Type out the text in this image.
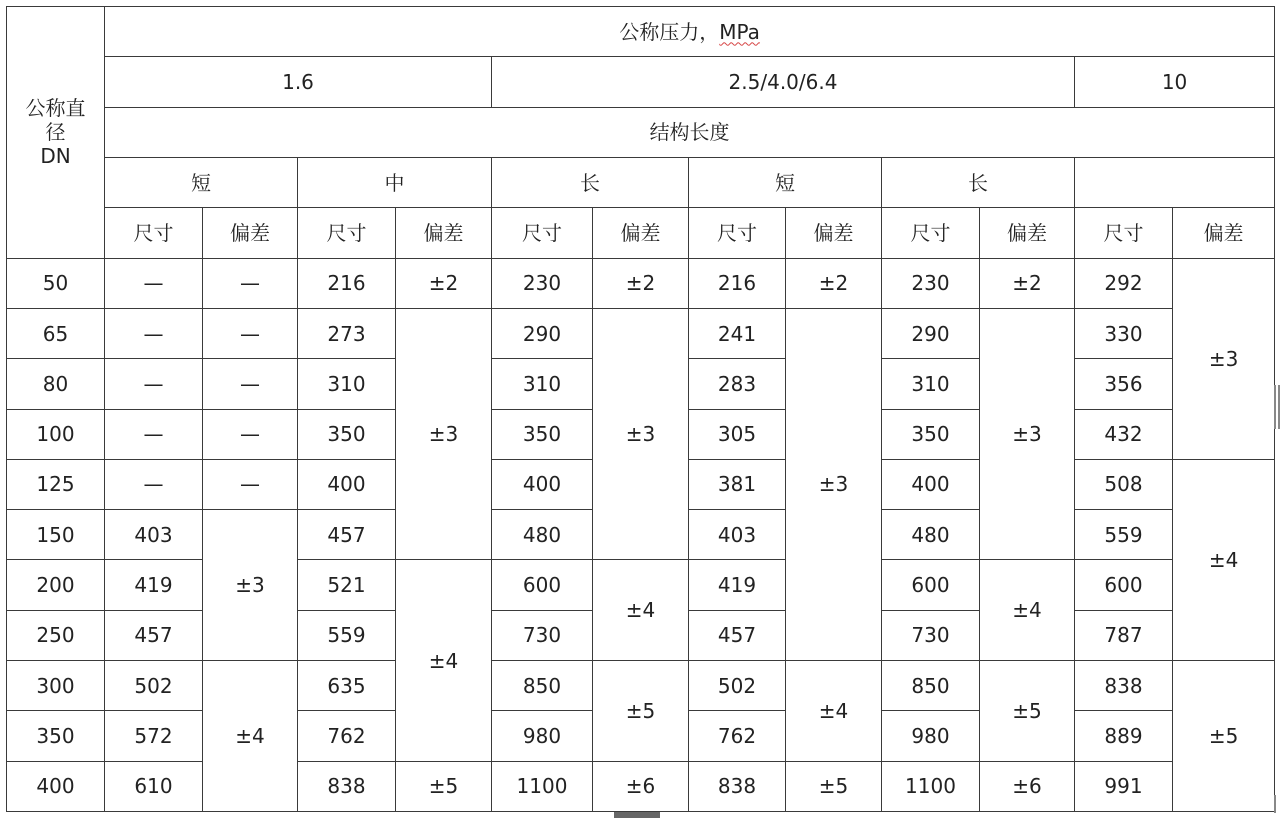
公称直
径
DN	公称压力，MPa											
	1.6				2.5/4.0/6.4						10	
	结构长度											
	短		中		长		短		长			
	尺寸	偏差	尺寸	偏差	尺寸	偏差	尺寸	偏差	尺寸	偏差	尺寸	偏差
50	—	—	216	±2	230	±2	216	±2	230	±2	292	±3
65	—	—	273	±3	290	±3	241	±3	290	±3	330	
80	—	—	310		310		283		310		356	
100	—	—	350		350		305		350		432	
125	—	—	400		400		381		400		508	±4
150	403	±3	457		480		403		480		559	
200	419		521	±4	600	±4	419		600	±4	600	
250	457		559		730		457		730		787	
300	502	±4	635		850	±5	502	±4	850	±5	838	±5
350	572		762		980		762		980		889	
400	610		838	±5	1100	±6	838	±5	1100	±6	991	
